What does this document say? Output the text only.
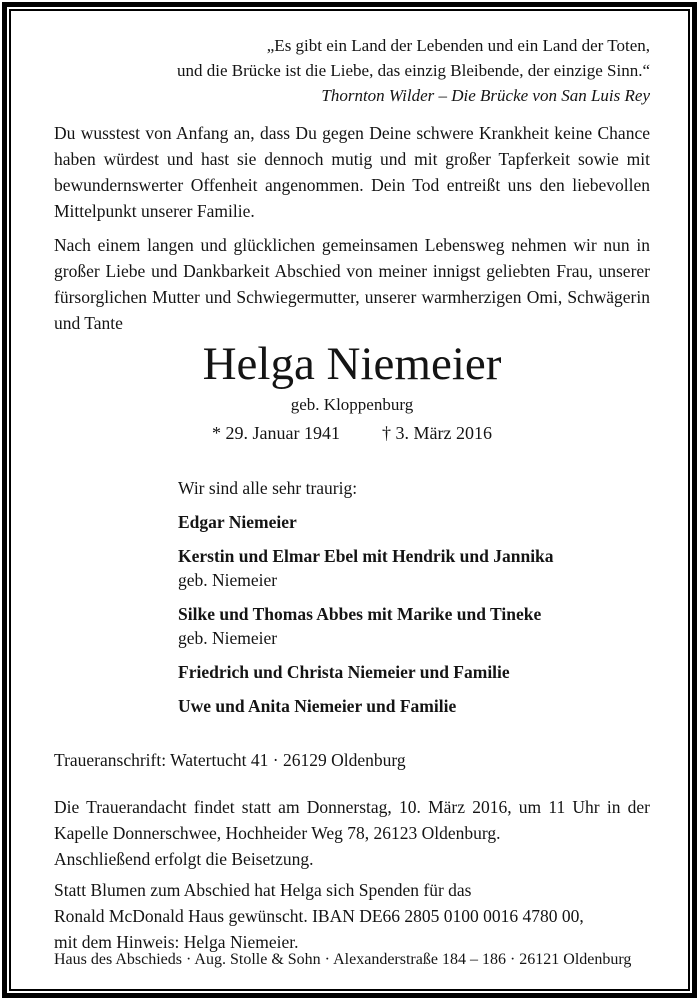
„Es gibt ein Land der Lebenden und ein Land der Toten,
und die Brücke ist die Liebe, das einzig Bleibende, der einzige Sinn.“
Thornton Wilder – Die Brücke von San Luis Rey

Du wusstest von Anfang an, dass Du gegen Deine schwere Krankheit keine Chance haben würdest und hast sie dennoch mutig und mit großer Tapferkeit sowie mit bewundernswerter Offenheit angenommen. Dein Tod entreißt uns den liebevollen Mittelpunkt unserer Familie.

Nach einem langen und glücklichen gemeinsamen Lebensweg nehmen wir nun in großer Liebe und Dankbarkeit Abschied von meiner innigst geliebten Frau, unserer fürsorglichen Mutter und Schwiegermutter, unserer warmherzigen Omi, Schwägerin und Tante

Helga Niemeier
geb. Kloppenburg
* 29. Januar 1941 † 3. März 2016
Wir sind alle sehr traurig:
Edgar Niemeier
Kerstin und Elmar Ebel mit Hendrik und Jannika
geb. Niemeier
Silke und Thomas Abbes mit Marike und Tineke
geb. Niemeier
Friedrich und Christa Niemeier und Familie
Uwe und Anita Niemeier und Familie
Traueranschrift: Watertucht 41 · 26129 Oldenburg

Die Trauerandacht findet statt am Donnerstag, 10. März 2016, um 11 Uhr in der Kapelle Donnerschwee, Hochheider Weg 78, 26123 Oldenburg.

Anschließend erfolgt die Beisetzung.
Statt Blumen zum Abschied hat Helga sich Spenden für das
Ronald McDonald Haus gewünscht. IBAN DE66 2805 0100 0016 4780 00,
mit dem Hinweis: Helga Niemeier.
Haus des Abschieds · Aug. Stolle & Sohn · Alexanderstraße 184 – 186 · 26121 Oldenburg
